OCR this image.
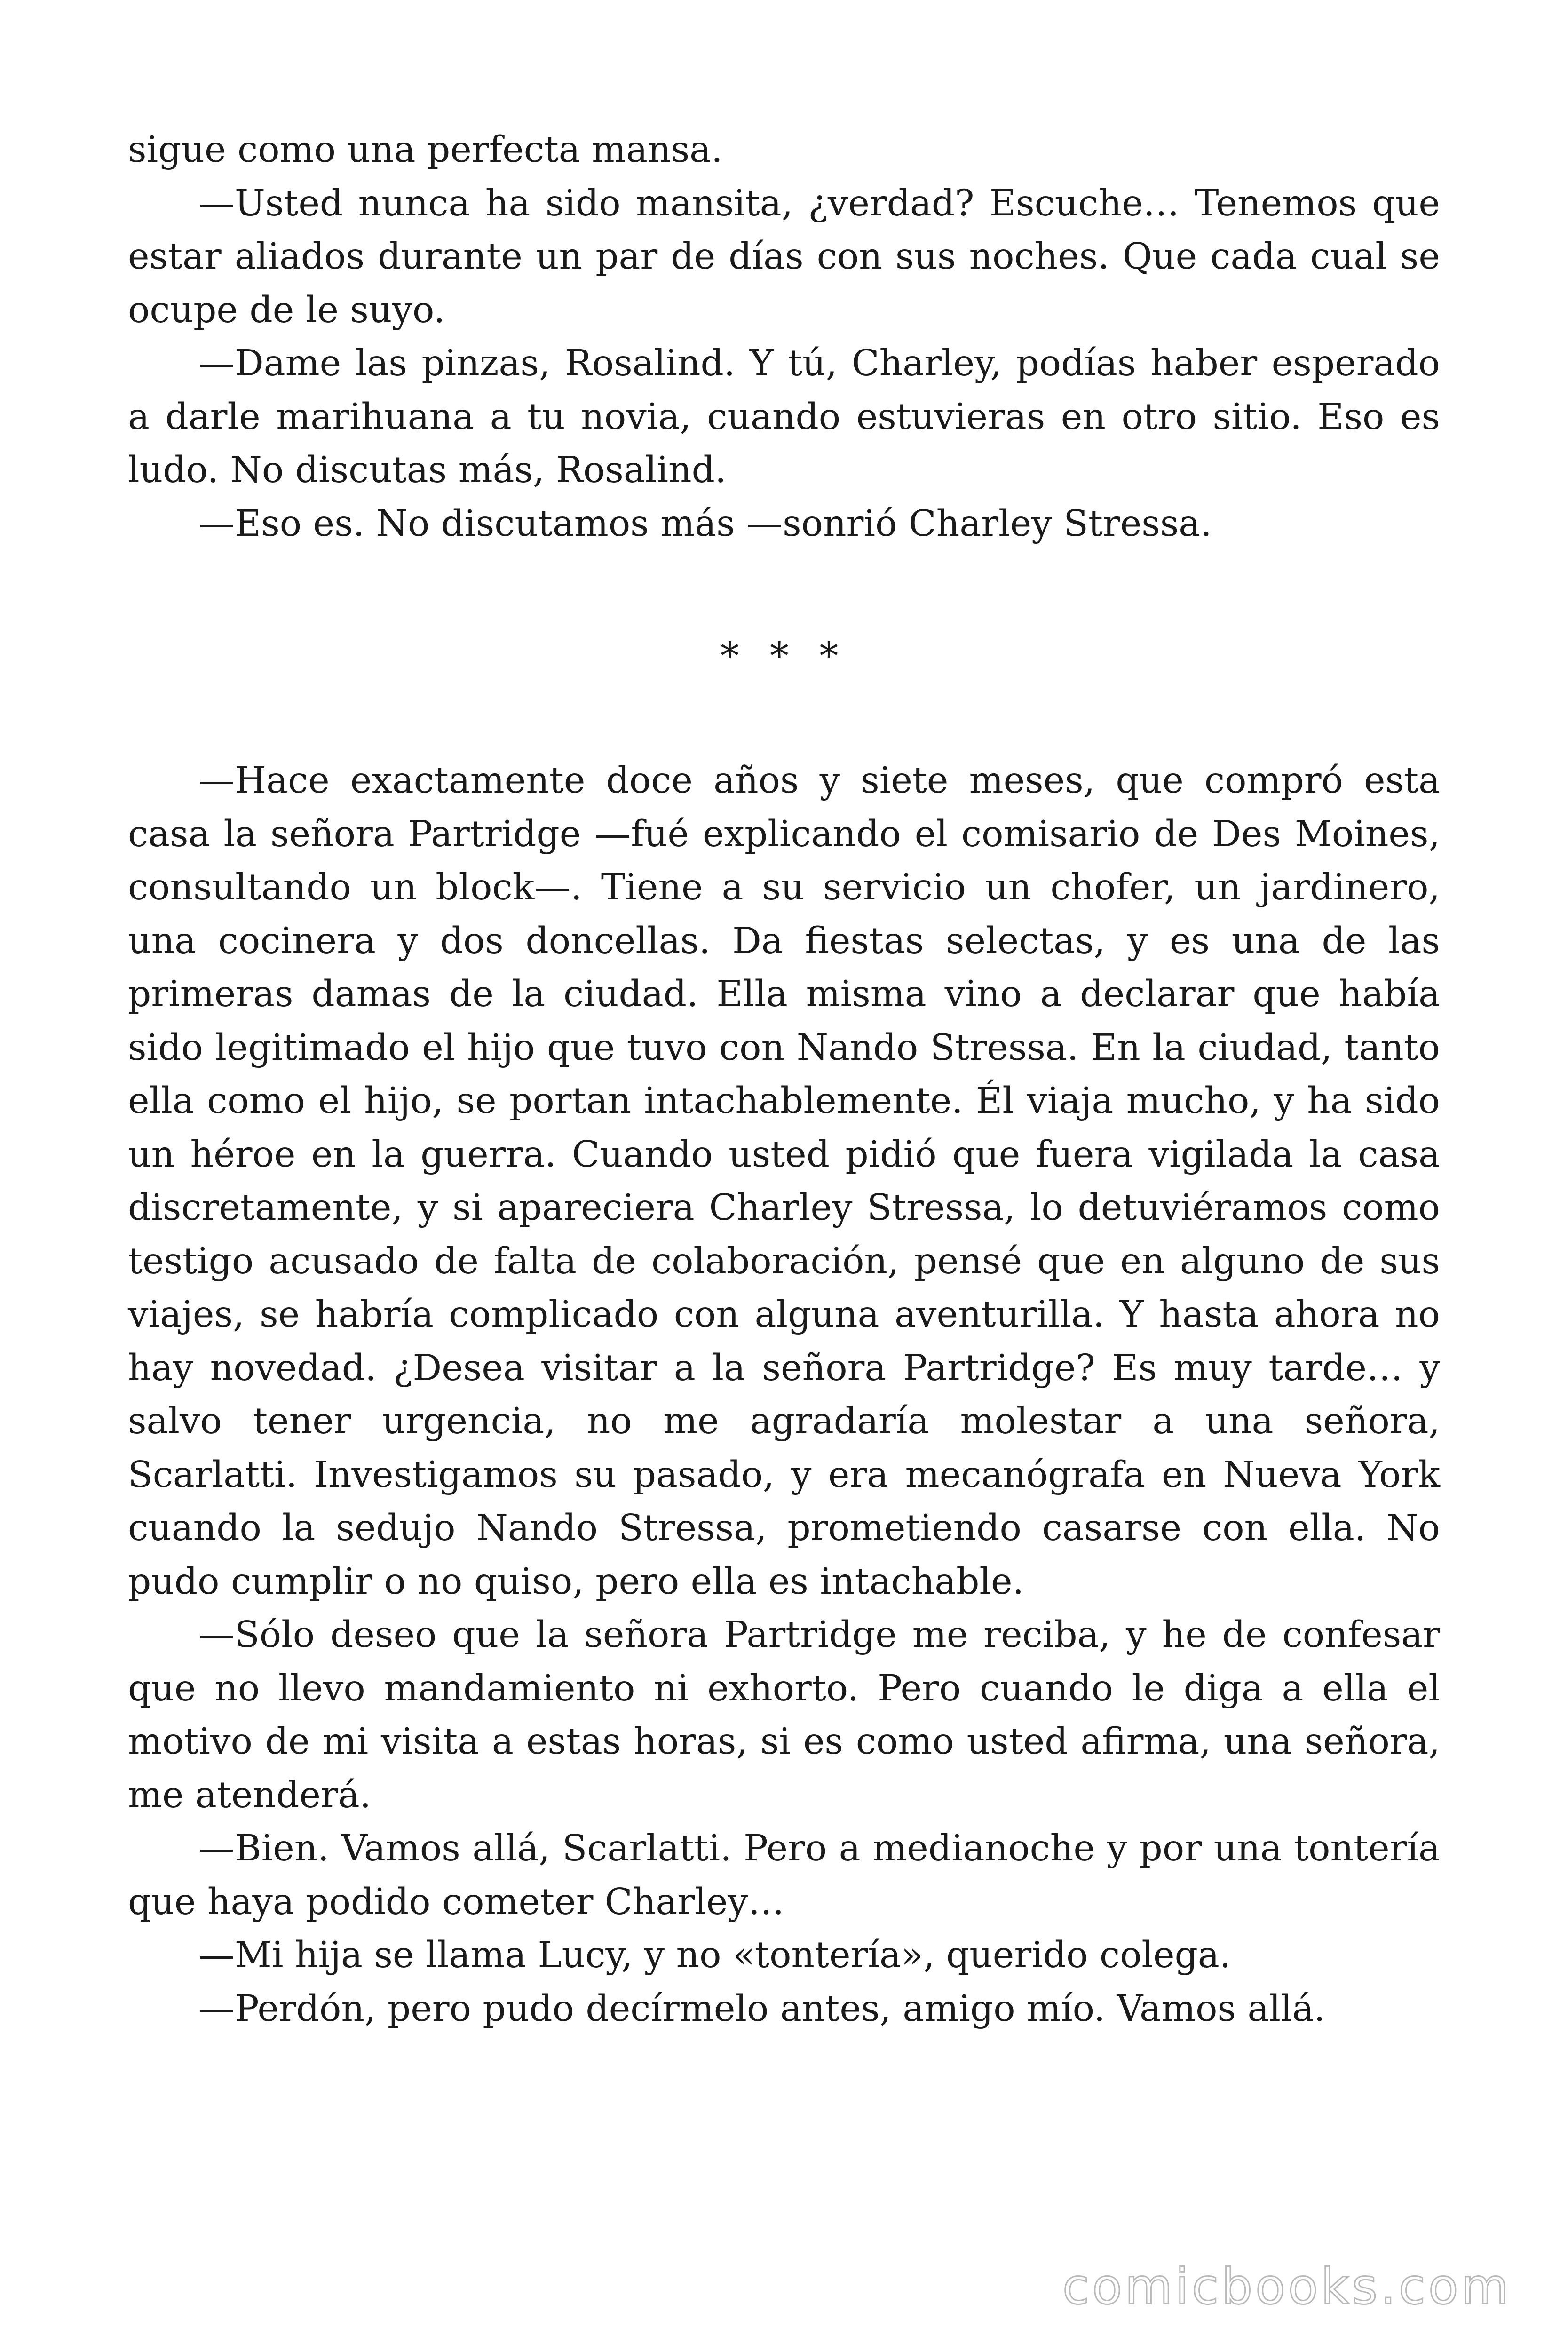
sigue como una perfecta mansa.

—Usted nunca ha sido mansita, ¿verdad? Escuche… Tenemos que estar aliados durante un par de días con sus noches. Que cada cual se ocupe de le suyo.

—Dame las pinzas, Rosalind. Y tú, Charley, podías haber esperado a darle marihuana a tu novia, cuando estuvieras en otro sitio. Eso es ludo. No discutas más, Rosalind.

—Eso es. No discutamos más —sonrió Charley Stressa.

* * *

—Hace exactamente doce años y siete meses, que compró esta casa la señora Partridge —fué explicando el comisario de Des Moines, consultando un block—. Tiene a su servicio un chofer, un jardinero, una cocinera y dos doncellas. Da fiestas selectas, y es una de las primeras damas de la ciudad. Ella misma vino a declarar que había sido legitimado el hijo que tuvo con Nando Stressa. En la ciudad, tanto ella como el hijo, se portan intachablemente. Él viaja mucho, y ha sido un héroe en la guerra. Cuando usted pidió que fuera vigilada la casa discretamente, y si apareciera Charley Stressa, lo detuviéramos como testigo acusado de falta de colaboración, pensé que en alguno de sus viajes, se habría complicado con alguna aventurilla. Y hasta ahora no hay novedad. ¿Desea visitar a la señora Partridge? Es muy tarde… y salvo tener urgencia, no me agradaría molestar a una señora, Scarlatti. Investigamos su pasado, y era mecanógrafa en Nueva York cuando la sedujo Nando Stressa, prometiendo casarse con ella. No pudo cumplir o no quiso, pero ella es intachable.

—Sólo deseo que la señora Partridge me reciba, y he de confesar que no llevo mandamiento ni exhorto. Pero cuando le diga a ella el motivo de mi visita a estas horas, si es como usted afirma, una señora, me atenderá.

—Bien. Vamos allá, Scarlatti. Pero a medianoche y por una tontería que haya podido cometer Charley…

—Mi hija se llama Lucy, y no «tontería», querido colega.

—Perdón, pero pudo decírmelo antes, amigo mío. Vamos allá.

comicbooks.com
